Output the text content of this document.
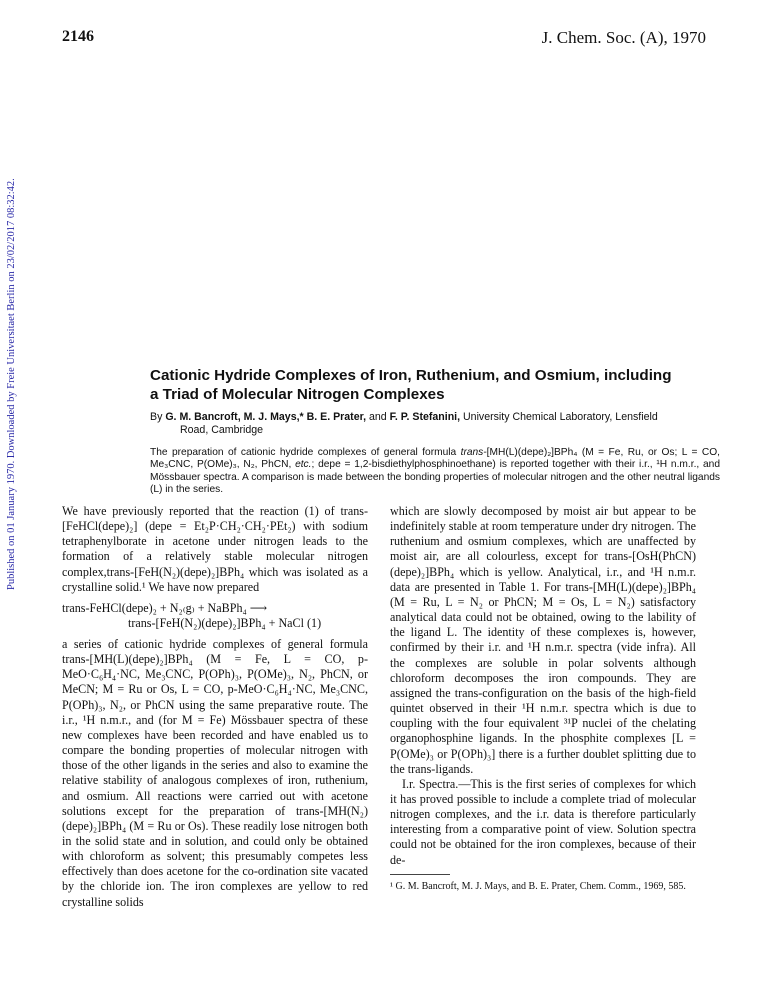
2146	J. Chem. Soc. (A), 1970
Published on 01 January 1970. Downloaded by Freie Universitaet Berlin on 23/02/2017 08:32:42.	Cationic Hydride Complexes of Iron, Ruthenium, and Osmium, including
a Triad of Molecular Nitrogen Complexes
By G. M. Bancroft, M. J. Mays,* B. E. Prater, and F. P. Stefanini, University Chemical Laboratory, Lensfield
Road, Cambridge
The preparation of cationic hydride complexes of general formula trans-[MH(L)(depe)₂]BPh₄ (M = Fe, Ru, or Os; L = CO, Me₃CNC, P(OMe)₃, N₂, PhCN, etc.; depe = 1,2-bisdiethylphosphinoethane) is reported together with their i.r., ¹H n.m.r., and Mössbauer spectra. A comparison is made between the bonding properties of molecular nitrogen and the other neutral ligands (L) in the series.

We have previously reported that the reaction (1) of trans-[FeHCl(depe)₂] (depe = Et₂P·CH₂·CH₂·PEt₂) with sodium tetraphenylborate in acetone under nitrogen leads to the formation of a relatively stable molecular nitrogen complex,trans-[FeH(N₂)(depe)₂]BPh₄ which was isolated as a crystalline solid.¹ We have now prepared

trans-FeHCl(depe)₂ + N₂₍g₎ + NaBPh₄ ⟶
trans-[FeH(N₂)(depe)₂]BPh₄ + NaCl (1)

a series of cationic hydride complexes of general formula trans-[MH(L)(depe)₂]BPh₄ (M = Fe, L = CO, p-MeO·C₆H₄·NC, Me₃CNC, P(OPh)₃, P(OMe)₃, N₂, PhCN, or MeCN; M = Ru or Os, L = CO, p-MeO·C₆H₄·NC, Me₃CNC, P(OPh)₃, N₂, or PhCN using the same preparative route. The i.r., ¹H n.m.r., and (for M = Fe) Mössbauer spectra of these new complexes have been recorded and have enabled us to compare the bonding properties of molecular nitrogen with those of the other ligands in the series and also to examine the relative stability of analogous complexes of iron, ruthenium, and osmium. All reactions were carried out with acetone solutions except for the preparation of trans-[MH(N₂)(depe)₂]BPh₄ (M = Ru or Os). These readily lose nitrogen both in the solid state and in solution, and could only be obtained with chloroform as solvent; this presumably competes less effectively than does acetone for the co-ordination site vacated by the chloride ion. The iron complexes are yellow to red crystalline solids

which are slowly decomposed by moist air but appear to be indefinitely stable at room temperature under dry nitrogen. The ruthenium and osmium complexes, which are unaffected by moist air, are all colourless, except for trans-[OsH(PhCN)(depe)₂]BPh₄ which is yellow. Analytical, i.r., and ¹H n.m.r. data are presented in Table 1. For trans-[MH(L)(depe)₂]BPh₄ (M = Ru, L = N₂ or PhCN; M = Os, L = N₂) satisfactory analytical data could not be obtained, owing to the lability of the ligand L. The identity of these complexes is, however, confirmed by their i.r. and ¹H n.m.r. spectra (vide infra). All the complexes are soluble in polar solvents although chloroform decomposes the iron compounds. They are assigned the trans-configuration on the basis of the high-field quintet observed in their ¹H n.m.r. spectra which is due to coupling with the four equivalent ³¹P nuclei of the chelating organophosphine ligands. In the phosphite complexes [L = P(OMe)₃ or P(OPh)₃] there is a further doublet splitting due to the trans-ligands.

I.r. Spectra.—This is the first series of complexes for which it has proved possible to include a complete triad of molecular nitrogen complexes, and the i.r. data is therefore particularly interesting from a comparative point of view. Solution spectra could not be obtained for the iron complexes, because of their de-

¹ G. M. Bancroft, M. J. Mays, and B. E. Prater, Chem. Comm., 1969, 585.
